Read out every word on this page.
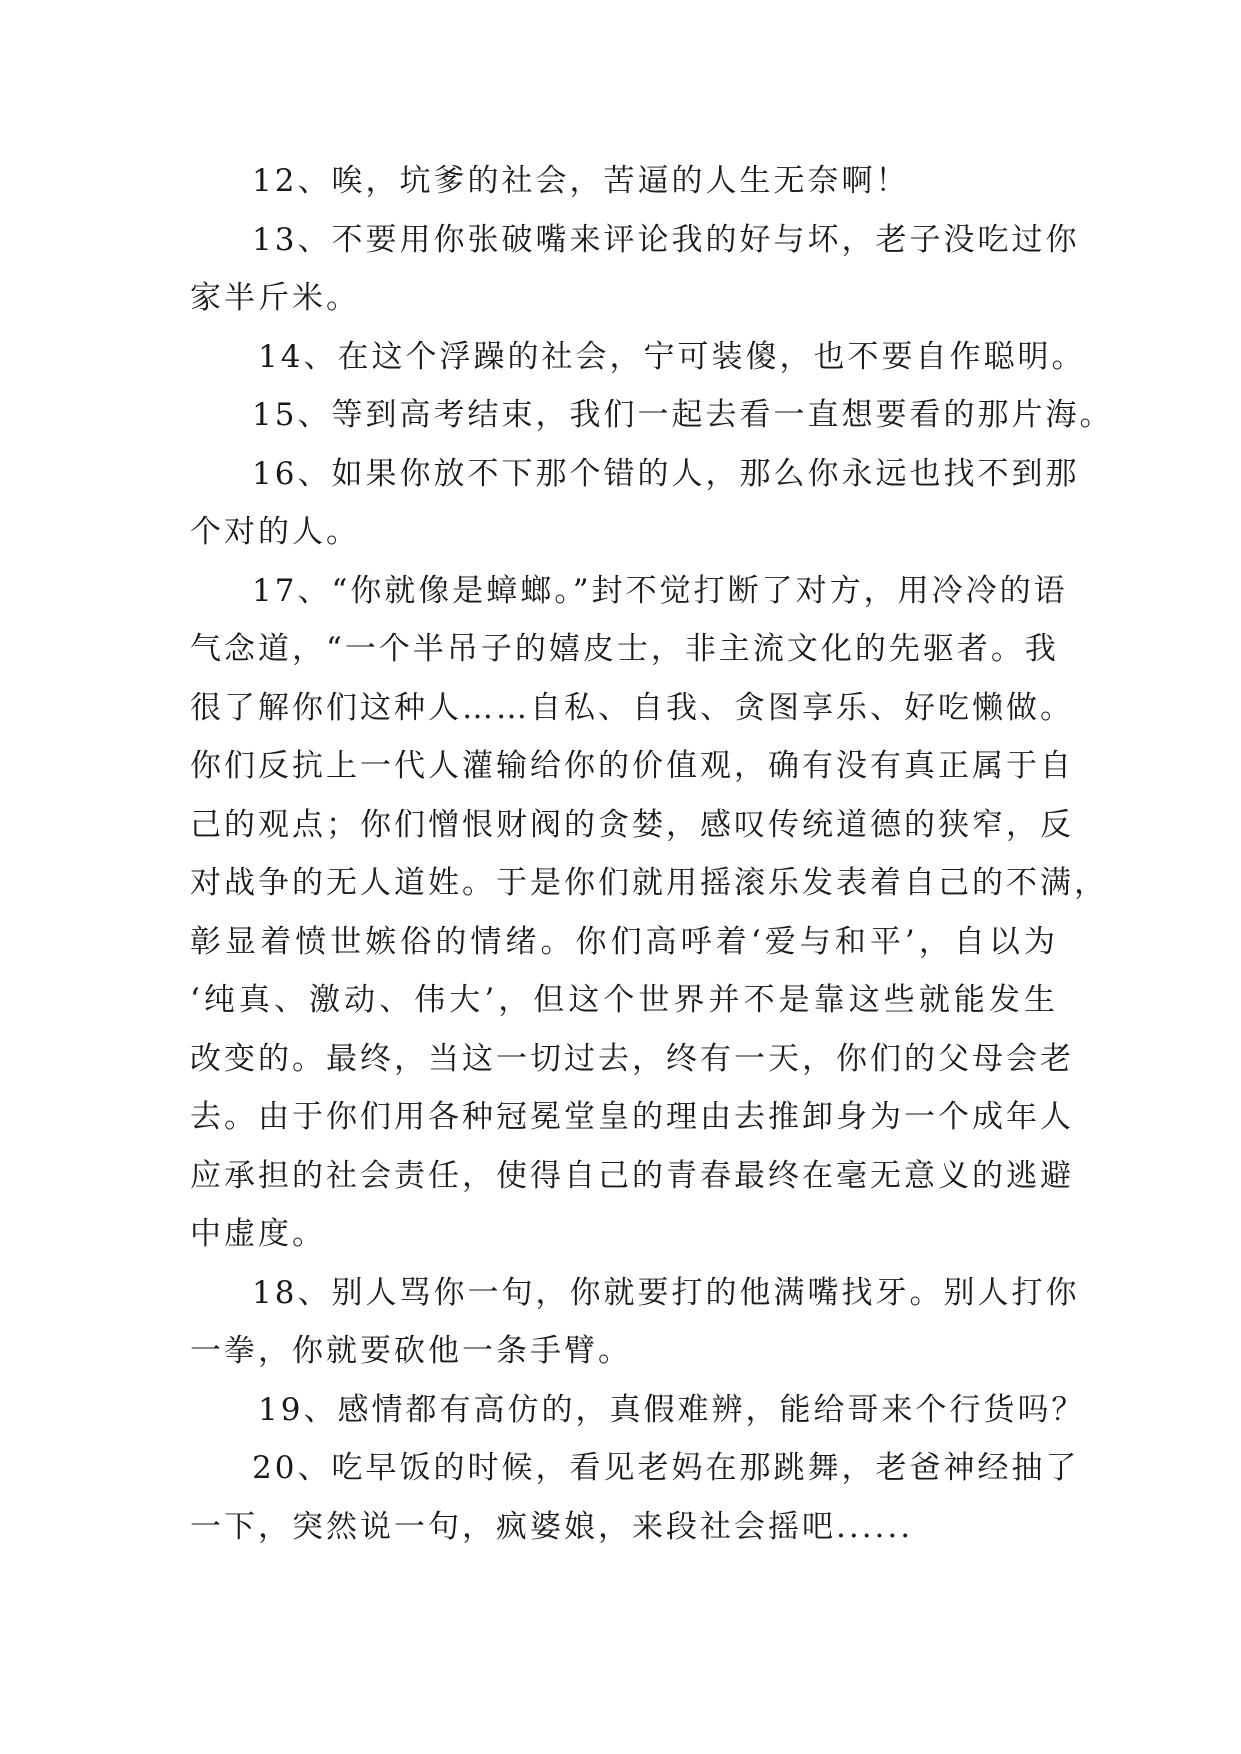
12、唉，坑爹的社会，苦逼的人生无奈啊！
13、不要用你张破嘴来评论我的好与坏，老子没吃过你
家半斤米。
14、在这个浮躁的社会，宁可装傻，也不要自作聪明。
15、等到高考结束，我们一起去看一直想要看的那片海。
16、如果你放不下那个错的人，那么你永远也找不到那
个对的人。
17、“你就像是蟑螂。”封不觉打断了对方，用冷冷的语
气念道，“一个半吊子的嬉皮士，非主流文化的先驱者。我
很了解你们这种人……自私、自我、贪图享乐、好吃懒做。
你们反抗上一代人灌输给你的价值观，确有没有真正属于自
己的观点；你们憎恨财阀的贪婪，感叹传统道德的狭窄，反
对战争的无人道姓。于是你们就用摇滚乐发表着自己的不满，
彰显着愤世嫉俗的情绪。你们高呼着‘爱与和平’，自以为
‘纯真、激动、伟大’，但这个世界并不是靠这些就能发生
改变的。最终，当这一切过去，终有一天，你们的父母会老
去。由于你们用各种冠冕堂皇的理由去推卸身为一个成年人
应承担的社会责任，使得自己的青春最终在毫无意义的逃避
中虚度。
18、别人骂你一句，你就要打的他满嘴找牙。别人打你
一拳，你就要砍他一条手臂。
19、感情都有高仿的，真假难辨，能给哥来个行货吗？
20、吃早饭的时候，看见老妈在那跳舞，老爸神经抽了
一下，突然说一句，疯婆娘，来段社会摇吧......
